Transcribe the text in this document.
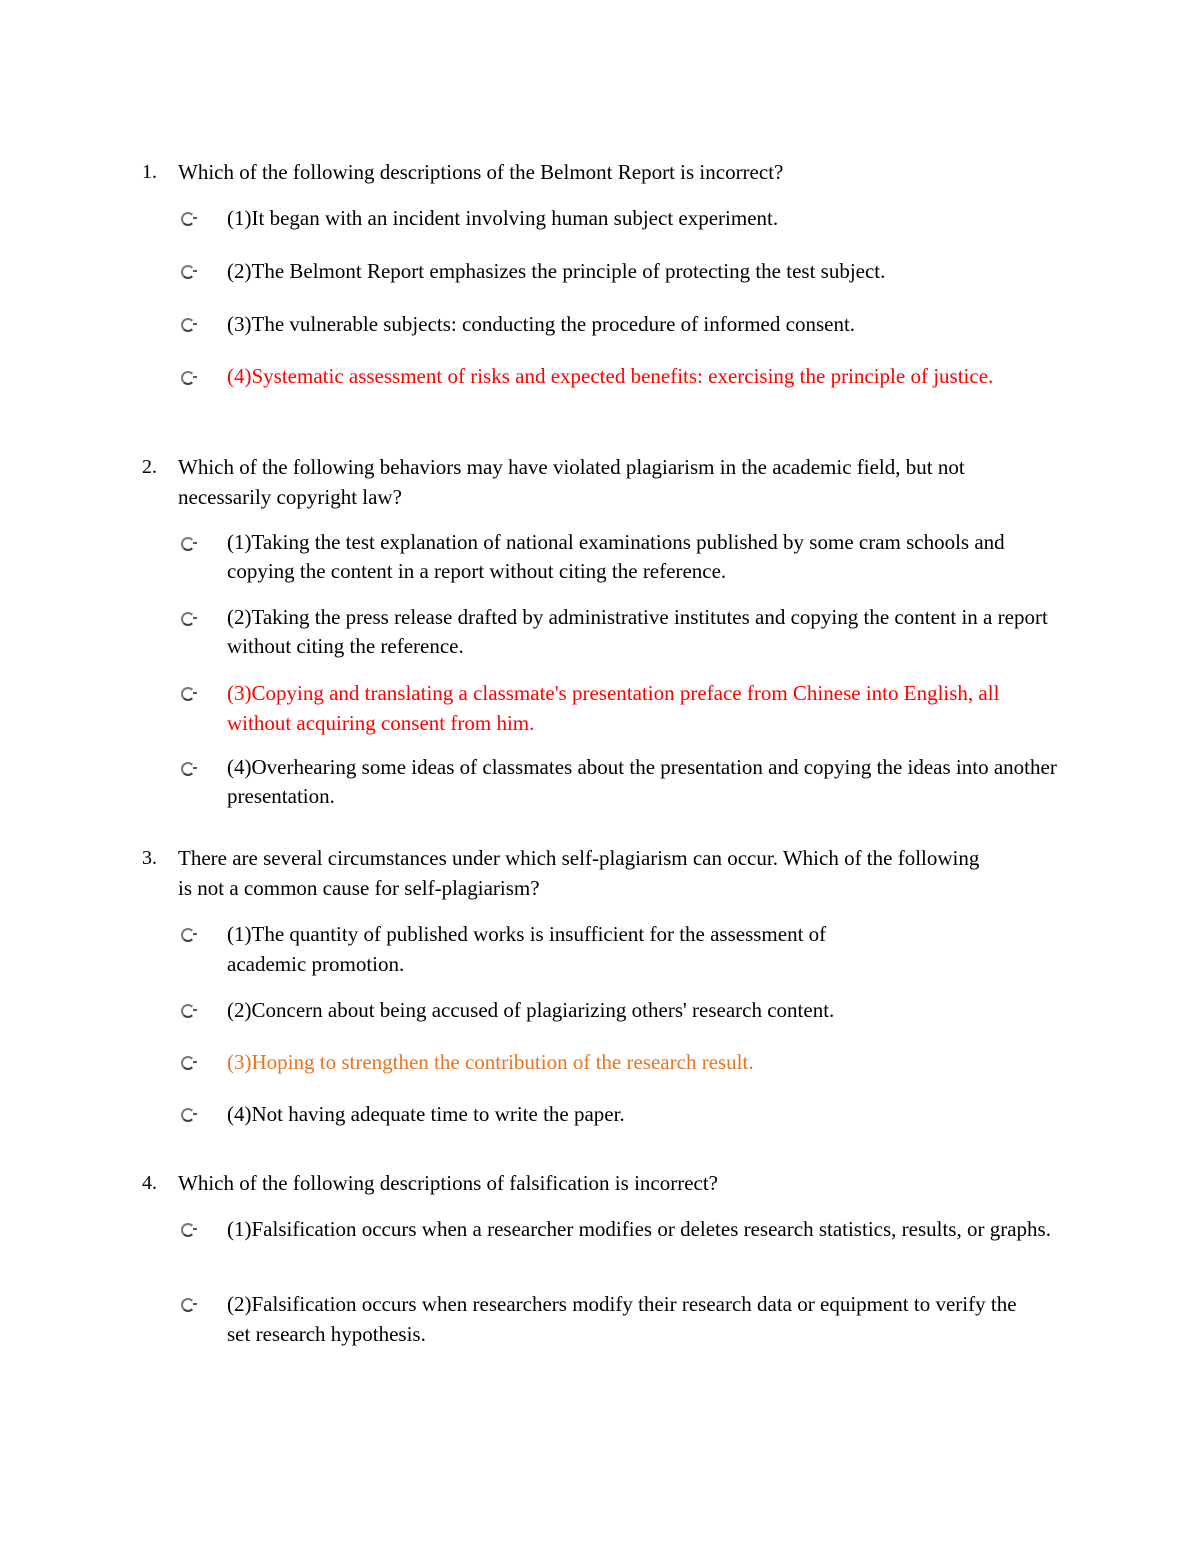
1. Which of the following descriptions of the Belmont Report is incorrect?
(1)It began with an incident involving human subject experiment.
(2)The Belmont Report emphasizes the principle of protecting the test subject.
(3)The vulnerable subjects: conducting the procedure of informed consent.
(4)Systematic assessment of risks and expected benefits: exercising the principle of justice.
2. Which of the following behaviors may have violated plagiarism in the academic field, but not necessarily copyright law?
(1)Taking the test explanation of national examinations published by some cram schools and copying the content in a report without citing the reference.
(2)Taking the press release drafted by administrative institutes and copying the content in a report without citing the reference.
(3)Copying and translating a classmate's presentation preface from Chinese into English, all without acquiring consent from him.
(4)Overhearing some ideas of classmates about the presentation and copying the ideas into another presentation.
3. There are several circumstances under which self-plagiarism can occur. Which of the following is not a common cause for self-plagiarism?
(1)The quantity of published works is insufficient for the assessment of academic promotion.
(2)Concern about being accused of plagiarizing others' research content.
(3)Hoping to strengthen the contribution of the research result.
(4)Not having adequate time to write the paper.
4. Which of the following descriptions of falsification is incorrect?
(1)Falsification occurs when a researcher modifies or deletes research statistics, results, or graphs.
(2)Falsification occurs when researchers modify their research data or equipment to verify the set research hypothesis.
